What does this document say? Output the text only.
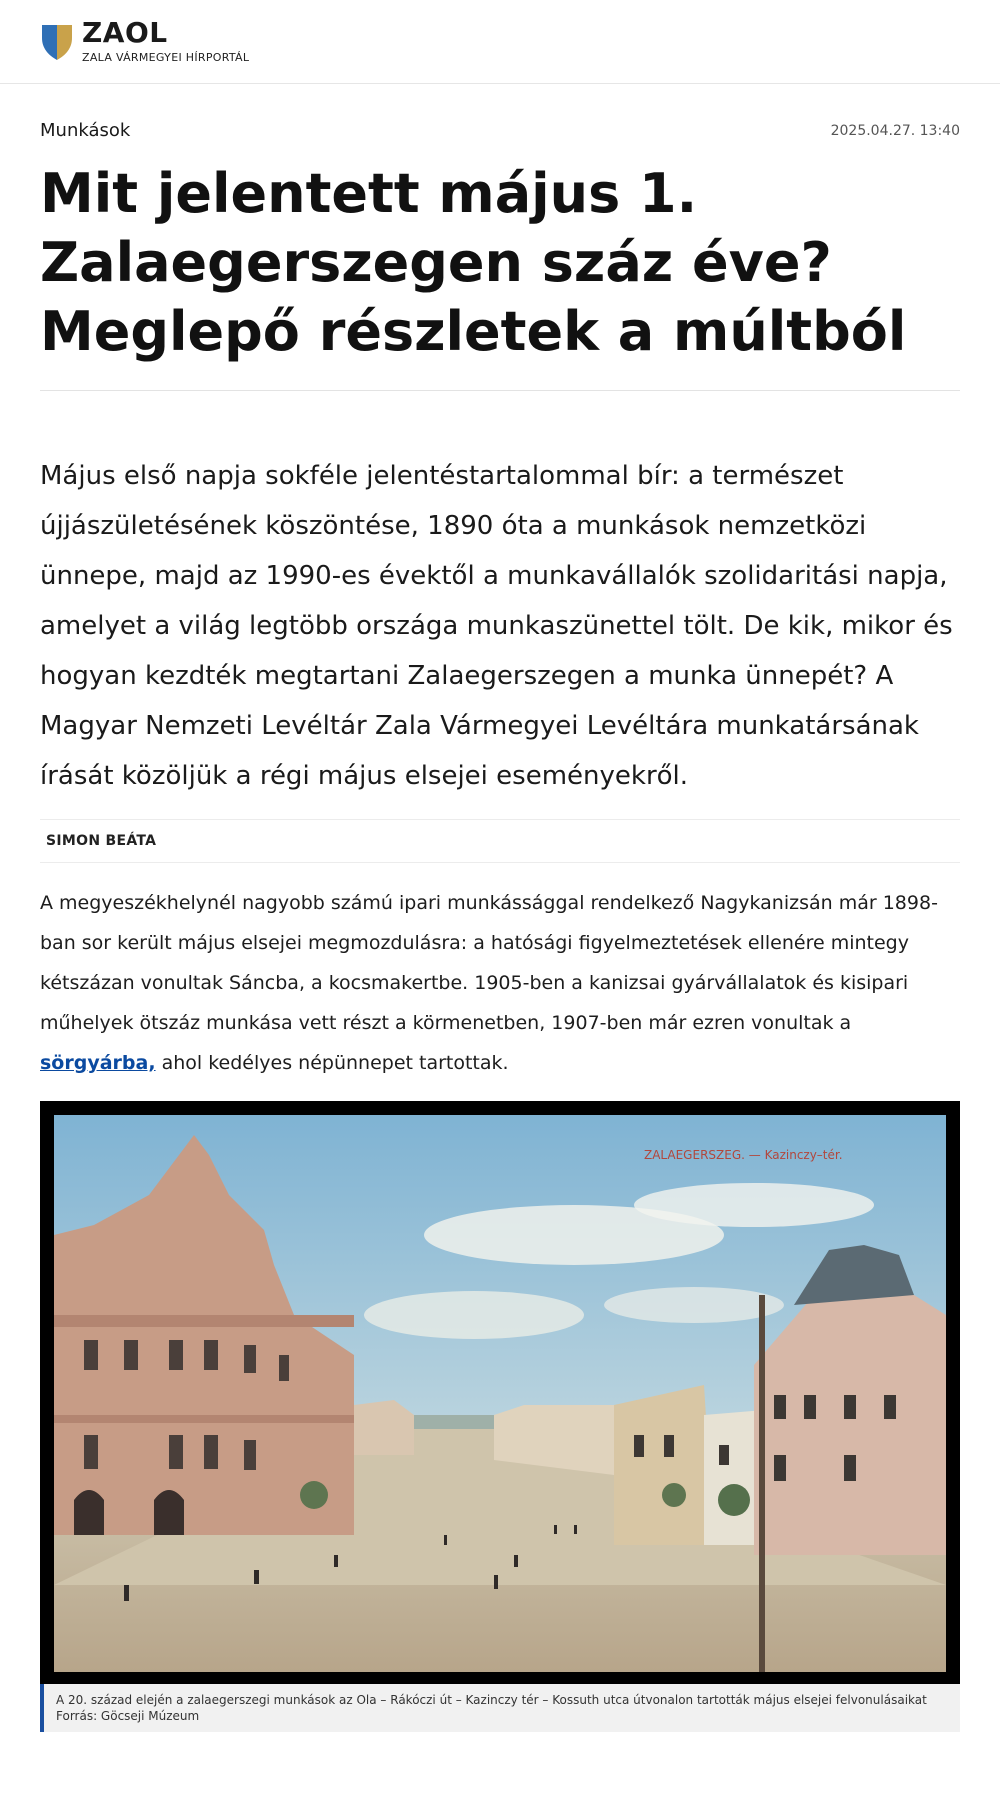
ZAOL
ZALA VÁRMEGYEI HÍRPORTÁL
Munkások	2025.04.27. 13:40
Mit jelentett május 1. Zalaegerszegen száz éve? Meglepő részletek a múltból

Május első napja sokféle jelentéstartalommal bír: a természet újjászületésének köszöntése, 1890 óta a munkások nemzetközi ünnepe, majd az 1990-es évektől a munkavállalók szolidaritási napja, amelyet a világ legtöbb országa munkaszünettel tölt. De kik, mikor és hogyan kezdték megtartani Zalaegerszegen a munka ünnepét? A Magyar Nemzeti Levéltár Zala Vármegyei Levéltára munkatársának írását közöljük a régi május elsejei eseményekről.

SIMON BEÁTA

A megyeszékhelynél nagyobb számú ipari munkássággal rendelkező Nagykanizsán már 1898-ban sor került május elsejei megmozdulásra: a hatósági figyelmeztetések ellenére mintegy kétszázan vonultak Sáncba, a kocsmakertbe. 1905-ben a kanizsai gyárvállalatok és kisipari műhelyek ötszáz munkása vett részt a körmenetben, 1907-ben már ezren vonultak a sörgyárba, ahol kedélyes népünnepet tartottak.

ZALAEGERSZEG. — Kazinczy–tér.
A 20. század elején a zalaegerszegi munkások az Ola – Rákóczi út – Kazinczy tér – Kossuth utca útvonalon tartották május elsejei felvonulásaikat Forrás: Göcseji Múzeum
